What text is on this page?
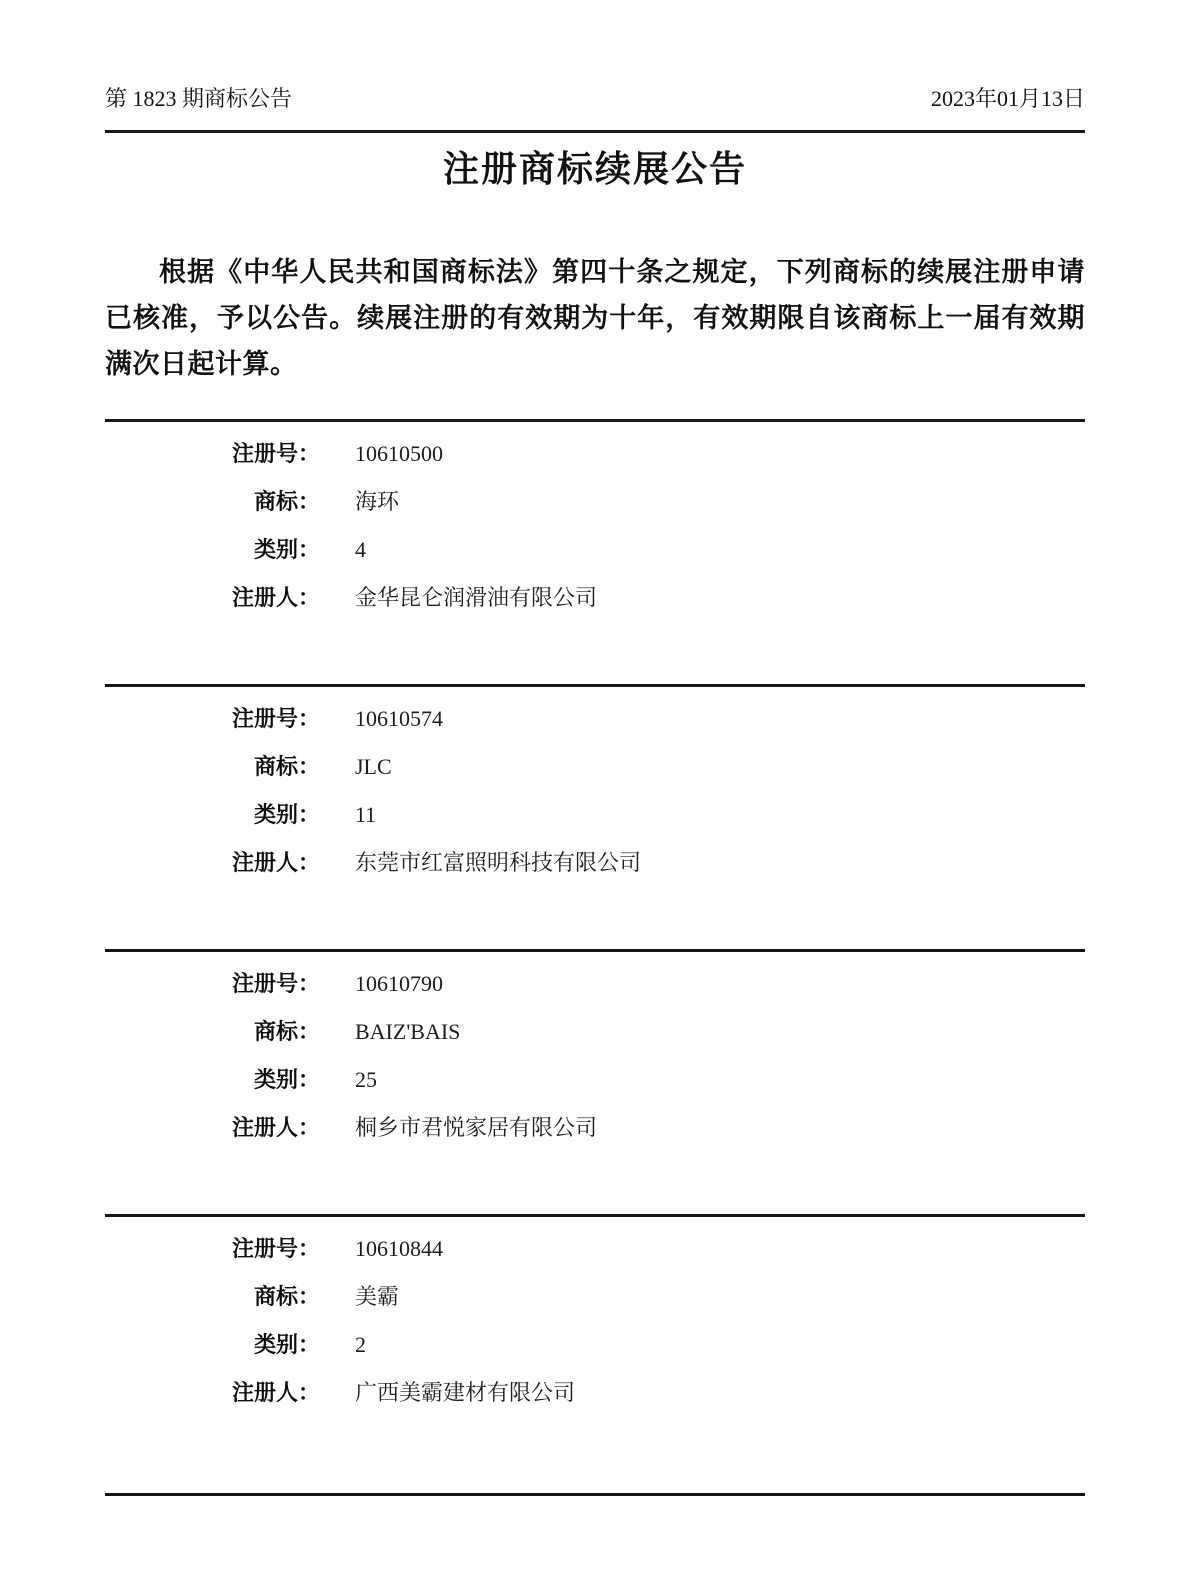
第 1823 期商标公告	2023年01月13日
注册商标续展公告

根据《中华人民共和国商标法》第四十条之规定，下列商标的续展注册申请已核准，予以公告。续展注册的有效期为十年，有效期限自该商标上一届有效期满次日起计算。

注册号： 10610500
商标： 海环
类别： 4
注册人： 金华昆仑润滑油有限公司
注册号： 10610574
商标： JLC
类别： 11
注册人： 东莞市红富照明科技有限公司
注册号： 10610790
商标： BAIZ'BAIS
类别： 25
注册人： 桐乡市君悦家居有限公司
注册号： 10610844
商标： 美霸
类别： 2
注册人： 广西美霸建材有限公司
